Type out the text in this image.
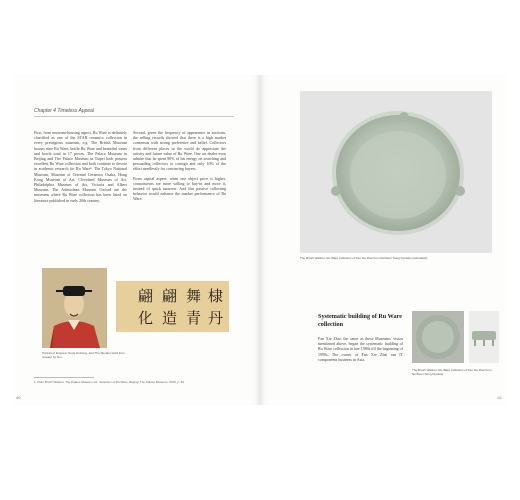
Chapter 4 Timeless Appeal

First, from museum-housing aspect, Ru Ware is definitely classified as one of the STAR ceramics collection in every prestigious museum, e.g. The British Museum houses nine Ru Ware, bottle Ru Ware and beautiful vases and bowls total in 17 pieces. The Palace Museum in Beijing and The Palace Museum in Taipei both possess excellent Ru Ware collection and both continue to devote in academic research for Ru Ware¹. The Tokyo National Museum, Museum of Oriental Ceramics Osaka, Hong Kong Museum of Art, Cleveland Museum of Art, Philadelphia Museum of Art, Victoria and Albert Museum, The Ashmolean Museum Oxford are the museums where Ru Ware collection has been listed on literature published in early 20th century.

Second, given the frequency of appearance in auctions, the selling records showed that there is a high market consensus with strong preference and belief. Collectors from different places in the world do appreciate the artistry and future value of Ru Ware. One art dealer even admire that he spent 90% of his energy on searching and persuading collectors to consign and only 10% of the effort needlessly for convincing buyers.

From capital aspect, when one object price is higher, connoisseurs are more willing to buy-in and more it, instead of quick turnover. And this passive collecting behavior would enhance the market performance of Ru Ware.

棣
丹
舞
青
翩
造
翩
化
Portrait of Emperor Song Huizong, and The Slender Gold from created by him.
1. Plain Brush Washer, The Palace Museum ed., Selection of Ru Ware, Beijing: The Palace Museum, 2015, p. 81.
40
The Brush Washer, Ru Ware collection of Fan Xie Zhai from Northern Song Dynasty (estimated)
Systematic building of Ru Ware collection
Fan Xie Zhai, the same as these Museums' vision mentioned above, began the systematic building of Ru Ware collection in late 1980s till the beginning of 1990s. The owner of Fan Xie Zhai ran IT components business in Asia.
The Brush Washer, Ru Ware collection of Fan Xie Zhai from Northern Song Dynasty
41
